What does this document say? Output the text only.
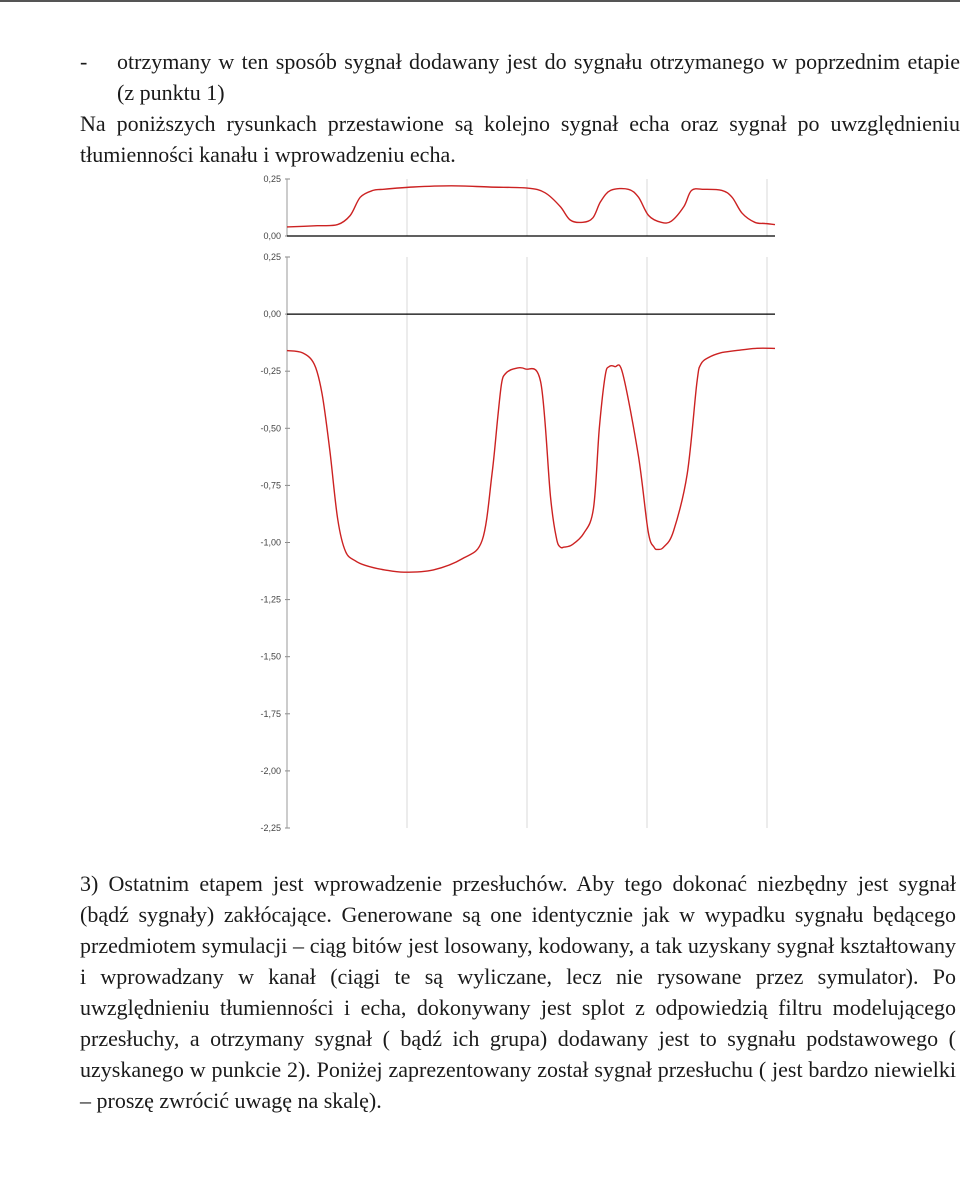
- otrzymany w ten sposób sygnał dodawany jest do sygnału otrzymanego w poprzednim etapie (z punktu 1)

Na poniższych rysunkach przestawione są kolejno sygnał echa oraz sygnał po uwzględnieniu tłumienności kanału i wprowadzeniu echa.

0,25
0,00
0,25
0,00
-0,25
-0,50
-0,75
-1,00
-1,25
-1,50
-1,75
-2,00
-2,25

3) Ostatnim etapem jest wprowadzenie przesłuchów. Aby tego dokonać niezbędny jest sygnał (bądź sygnały) zakłócające. Generowane są one identycznie jak w wypadku sygnału będącego przedmiotem symulacji – ciąg bitów jest losowany, kodowany, a tak uzyskany sygnał kształtowany i wprowadzany w kanał (ciągi te są wyliczane, lecz nie rysowane przez symulator). Po uwzględnieniu tłumienności i echa, dokonywany jest splot z odpowiedzią filtru modelującego przesłuchy, a otrzymany sygnał ( bądź ich grupa) dodawany jest to sygnału podstawowego ( uzyskanego w punkcie 2). Poniżej zaprezentowany został sygnał przesłuchu ( jest bardzo niewielki – proszę zwrócić uwagę na skalę).
